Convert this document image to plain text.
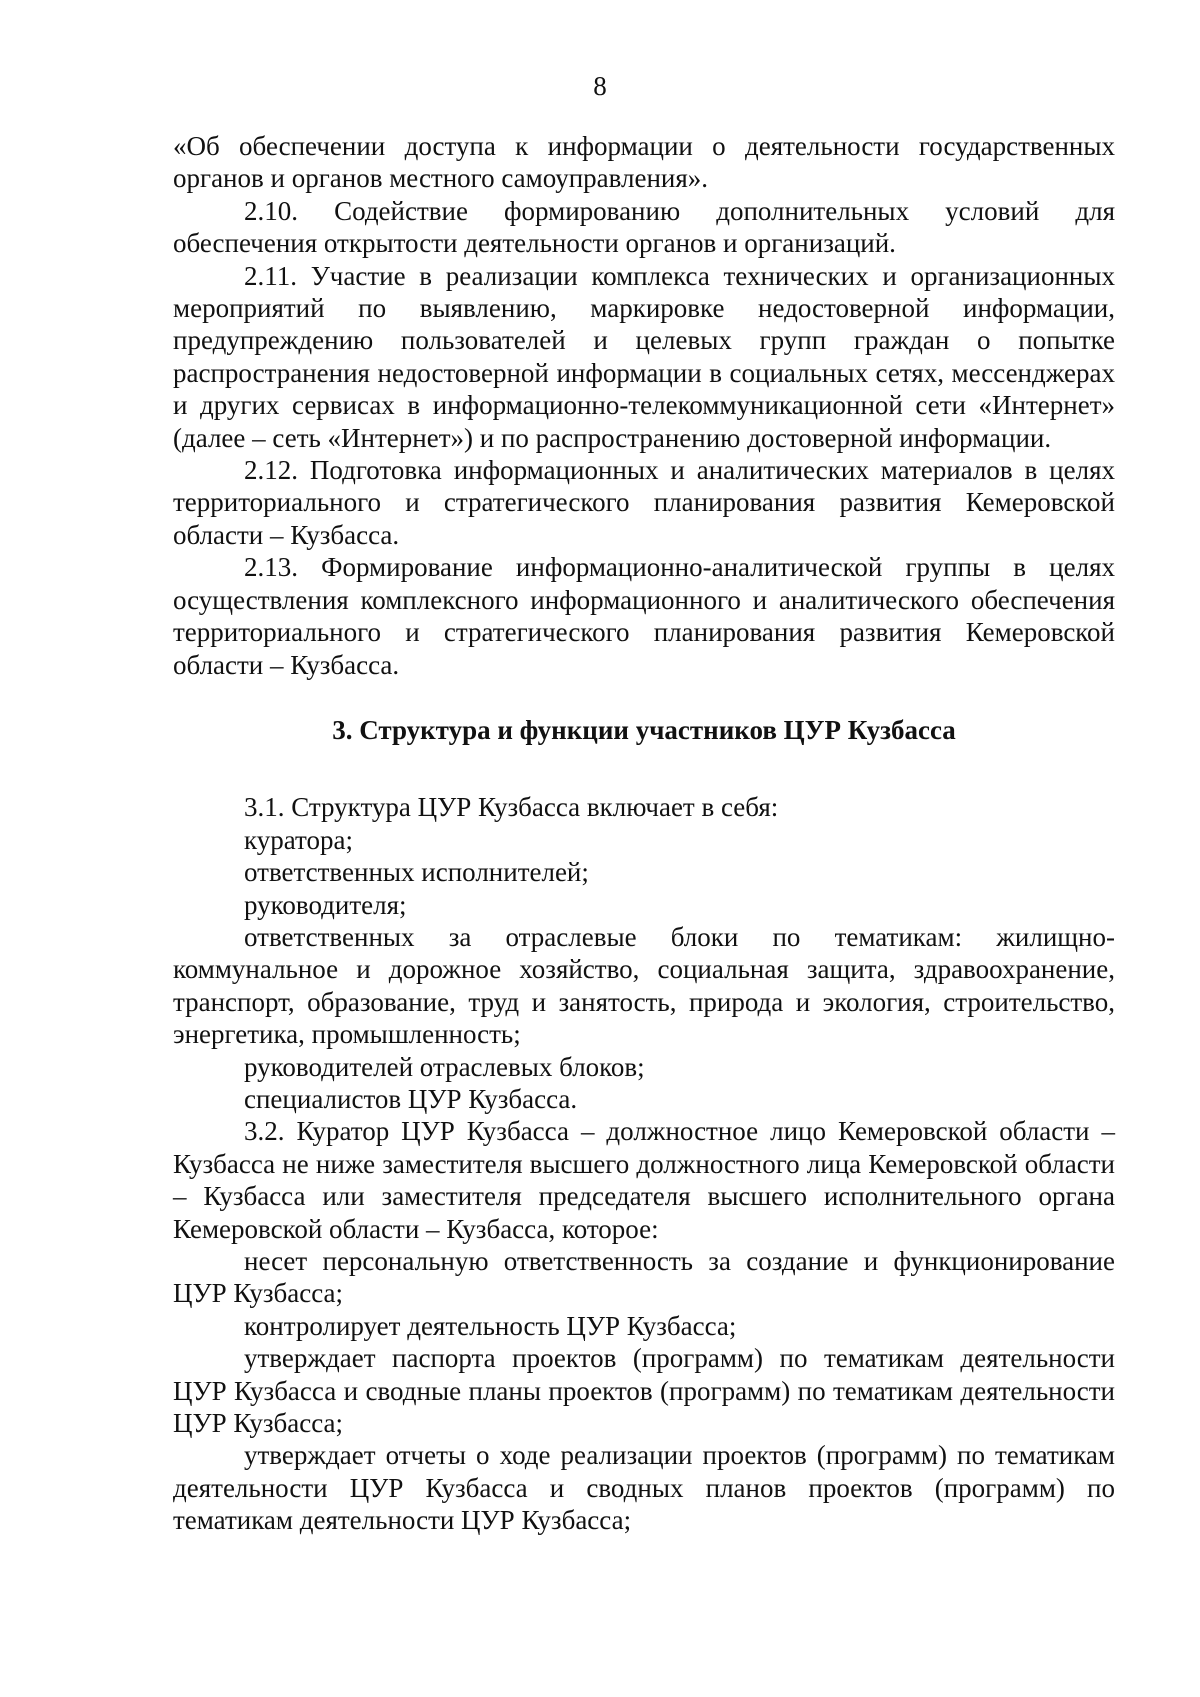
8

«Об обеспечении доступа к информации о деятельности государственных органов и органов местного самоуправления».

2.10. Содействие формированию дополнительных условий для обеспечения открытости деятельности органов и организаций.

2.11. Участие в реализации комплекса технических и организационных мероприятий по выявлению, маркировке недостоверной информации, предупреждению пользователей и целевых групп граждан о попытке распространения недостоверной информации в социальных сетях, мессенджерах и других сервисах в информационно-телекоммуникационной сети «Интернет» (далее – сеть «Интернет») и по распространению достоверной информации.

2.12. Подготовка информационных и аналитических материалов в целях территориального и стратегического планирования развития Кемеровской области – Кузбасса.

2.13. Формирование информационно-аналитической группы в целях осуществления комплексного информационного и аналитического обеспечения территориального и стратегического планирования развития Кемеровской области – Кузбасса.

3. Структура и функции участников ЦУР Кузбасса

3.1. Структура ЦУР Кузбасса включает в себя:

куратора;

ответственных исполнителей;

руководителя;

ответственных за отраслевые блоки по тематикам: жилищно-коммунальное и дорожное хозяйство, социальная защита, здравоохранение, транспорт, образование, труд и занятость, природа и экология, строительство, энергетика, промышленность;

руководителей отраслевых блоков;

специалистов ЦУР Кузбасса.

3.2. Куратор ЦУР Кузбасса – должностное лицо Кемеровской области – Кузбасса не ниже заместителя высшего должностного лица Кемеровской области – Кузбасса или заместителя председателя высшего исполнительного органа Кемеровской области – Кузбасса, которое:

несет персональную ответственность за создание и функционирование ЦУР Кузбасса;

контролирует деятельность ЦУР Кузбасса;

утверждает паспорта проектов (программ) по тематикам деятельности ЦУР Кузбасса и сводные планы проектов (программ) по тематикам деятельности ЦУР Кузбасса;

утверждает отчеты о ходе реализации проектов (программ) по тематикам деятельности ЦУР Кузбасса и сводных планов проектов (программ) по тематикам деятельности ЦУР Кузбасса;
